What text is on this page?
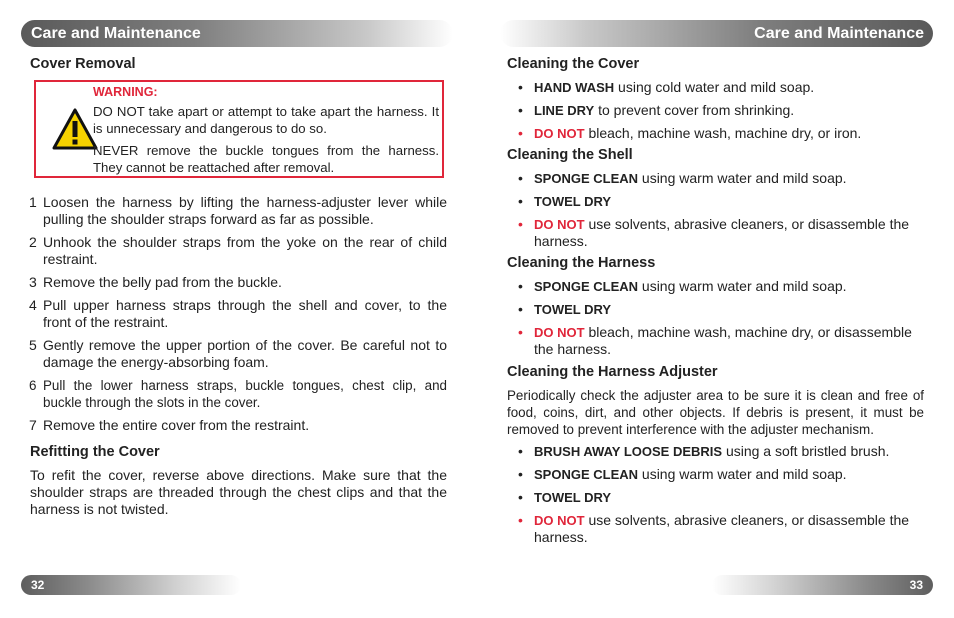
Care and Maintenance
Cover Removal
WARNING:

DO NOT take apart or attempt to take apart the harness. It is unnecessary and dangerous to do so.

NEVER remove the buckle tongues from the harness. They cannot be reattached after removal.

1 Loosen the harness by lifting the harness-adjuster lever while pulling the shoulder straps forward as far as possible.
2 Unhook the shoulder straps from the yoke on the rear of child restraint.
3 Remove the belly pad from the buckle.
4 Pull upper harness straps through the shell and cover, to the front of the restraint.
5 Gently remove the upper portion of the cover. Be careful not to damage the energy-absorbing foam.
6 Pull the lower harness straps, buckle tongues, chest clip, and buckle through the slots in the cover.
7 Remove the entire cover from the restraint.
Refitting the Cover
To refit the cover, reverse above directions. Make sure that the shoulder straps are threaded through the chest clips and that the harness is not twisted.
32
Care and Maintenance
Cleaning the Cover
• HAND WASH using cold water and mild soap.
• LINE DRY to prevent cover from shrinking.
• DO NOT bleach, machine wash, machine dry, or iron.
Cleaning the Shell
• SPONGE CLEAN using warm water and mild soap.
• TOWEL DRY
• DO NOT use solvents, abrasive cleaners, or disassemble the harness.
Cleaning the Harness
• SPONGE CLEAN using warm water and mild soap.
• TOWEL DRY
• DO NOT bleach, machine wash, machine dry, or disassemble the harness.
Cleaning the Harness Adjuster
Periodically check the adjuster area to be sure it is clean and free of food, coins, dirt, and other objects. If debris is present, it must be removed to prevent interference with the adjuster mechanism.
• BRUSH AWAY LOOSE DEBRIS using a soft bristled brush.
• SPONGE CLEAN using warm water and mild soap.
• TOWEL DRY
• DO NOT use solvents, abrasive cleaners, or disassemble the harness.
33
